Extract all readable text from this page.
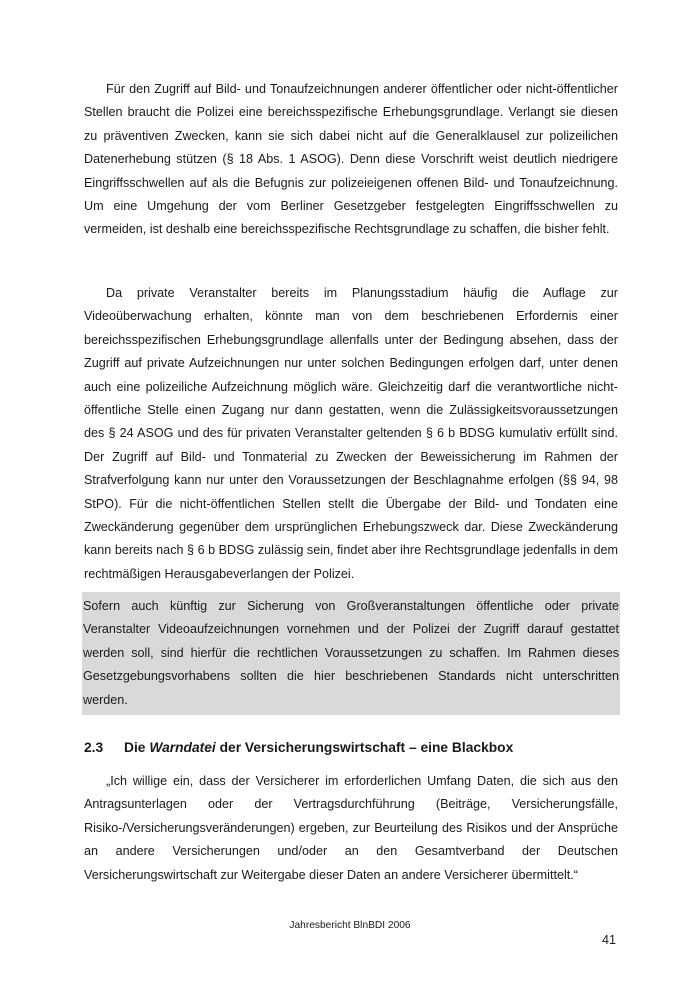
Für den Zugriff auf Bild- und Tonaufzeichnungen anderer öffentlicher oder nicht-öffentlicher Stellen braucht die Polizei eine bereichsspezifische Erhebungsgrundlage. Verlangt sie diesen zu präventiven Zwecken, kann sie sich dabei nicht auf die Generalklausel zur polizeilichen Datenerhebung stützen (§ 18 Abs. 1 ASOG). Denn diese Vorschrift weist deutlich niedrigere Eingriffsschwellen auf als die Befugnis zur polizeieigenen offenen Bild- und Tonaufzeichnung. Um eine Umgehung der vom Berliner Gesetzgeber festgelegten Eingriffsschwellen zu vermeiden, ist deshalb eine bereichsspezifische Rechtsgrundlage zu schaffen, die bisher fehlt.

Da private Veranstalter bereits im Planungsstadium häufig die Auflage zur Videoüberwachung erhalten, könnte man von dem beschriebenen Erfordernis einer bereichsspezifischen Erhebungsgrundlage allenfalls unter der Bedingung absehen, dass der Zugriff auf private Aufzeichnungen nur unter solchen Bedingungen erfolgen darf, unter denen auch eine polizeiliche Aufzeichnung möglich wäre. Gleichzeitig darf die verantwortliche nicht-öffentliche Stelle einen Zugang nur dann gestatten, wenn die Zulässigkeitsvoraussetzungen des § 24 ASOG und des für privaten Veranstalter geltenden § 6 b BDSG kumulativ erfüllt sind. Der Zugriff auf Bild- und Tonmaterial zu Zwecken der Beweissicherung im Rahmen der Strafverfolgung kann nur unter den Voraussetzungen der Beschlagnahme erfolgen (§§ 94, 98 StPO). Für die nicht-öffentlichen Stellen stellt die Übergabe der Bild- und Tondaten eine Zweckänderung gegenüber dem ursprünglichen Erhebungszweck dar. Diese Zweckänderung kann bereits nach § 6 b BDSG zulässig sein, findet aber ihre Rechtsgrundlage jedenfalls in dem rechtmäßigen Herausgabeverlangen der Polizei.

Sofern auch künftig zur Sicherung von Großveranstaltungen öffentliche oder private Veranstalter Videoaufzeichnungen vornehmen und der Polizei der Zugriff darauf gestattet werden soll, sind hierfür die rechtlichen Voraussetzungen zu schaffen. Im Rahmen dieses Gesetzgebungsvorhabens sollten die hier beschriebenen Standards nicht unterschritten werden.

2.3 Die Warndatei der Versicherungswirtschaft – eine Blackbox

„Ich willige ein, dass der Versicherer im erforderlichen Umfang Daten, die sich aus den Antragsunterlagen oder der Vertragsdurchführung (Beiträge, Versicherungsfälle, Risiko-/Versicherungsveränderungen) ergeben, zur Beurteilung des Risikos und der Ansprüche an andere Versicherungen und/oder an den Gesamtverband der Deutschen Versicherungswirtschaft zur Weitergabe dieser Daten an andere Versicherer übermittelt.“

Jahresbericht BlnBDI 2006
41
